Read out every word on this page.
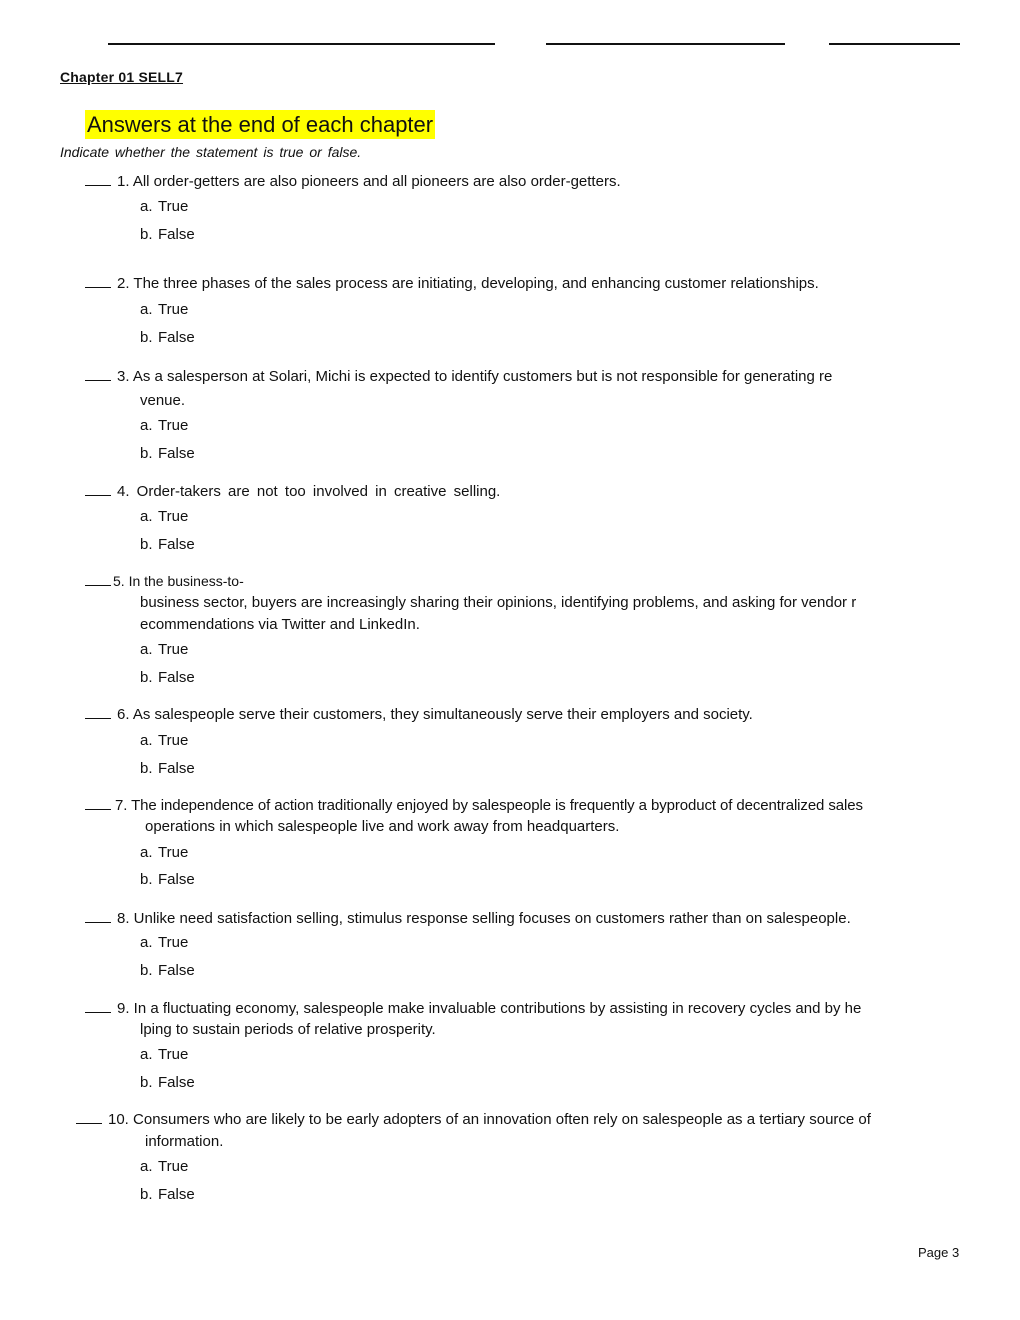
Chapter 01 SELL7
Answers at the end of each chapter
Indicate whether the statement is true or false.
1. All order-getters are also pioneers and all pioneers are also order-getters.
a. True
b. False
2. The three phases of the sales process are initiating, developing, and enhancing customer relationships.
a. True
b. False
3. As a salesperson at Solari, Michi is expected to identify customers but is not responsible for generating re
venue.
a. True
b. False
4. Order-takers are not too involved in creative selling.
a. True
b. False
5. In the business-to-
business sector, buyers are increasingly sharing their opinions, identifying problems, and asking for vendor r
ecommendations via Twitter and LinkedIn.
a. True
b. False
6. As salespeople serve their customers, they simultaneously serve their employers and society.
a. True
b. False
7. The independence of action traditionally enjoyed by salespeople is frequently a byproduct of decentralized sales
operations in which salespeople live and work away from headquarters.
a. True
b. False
8. Unlike need satisfaction selling, stimulus response selling focuses on customers rather than on salespeople.
a. True
b. False
9. In a fluctuating economy, salespeople make invaluable contributions by assisting in recovery cycles and by he
lping to sustain periods of relative prosperity.
a. True
b. False
10. Consumers who are likely to be early adopters of an innovation often rely on salespeople as a tertiary source of
information.
a. True
b. False
Page 3
